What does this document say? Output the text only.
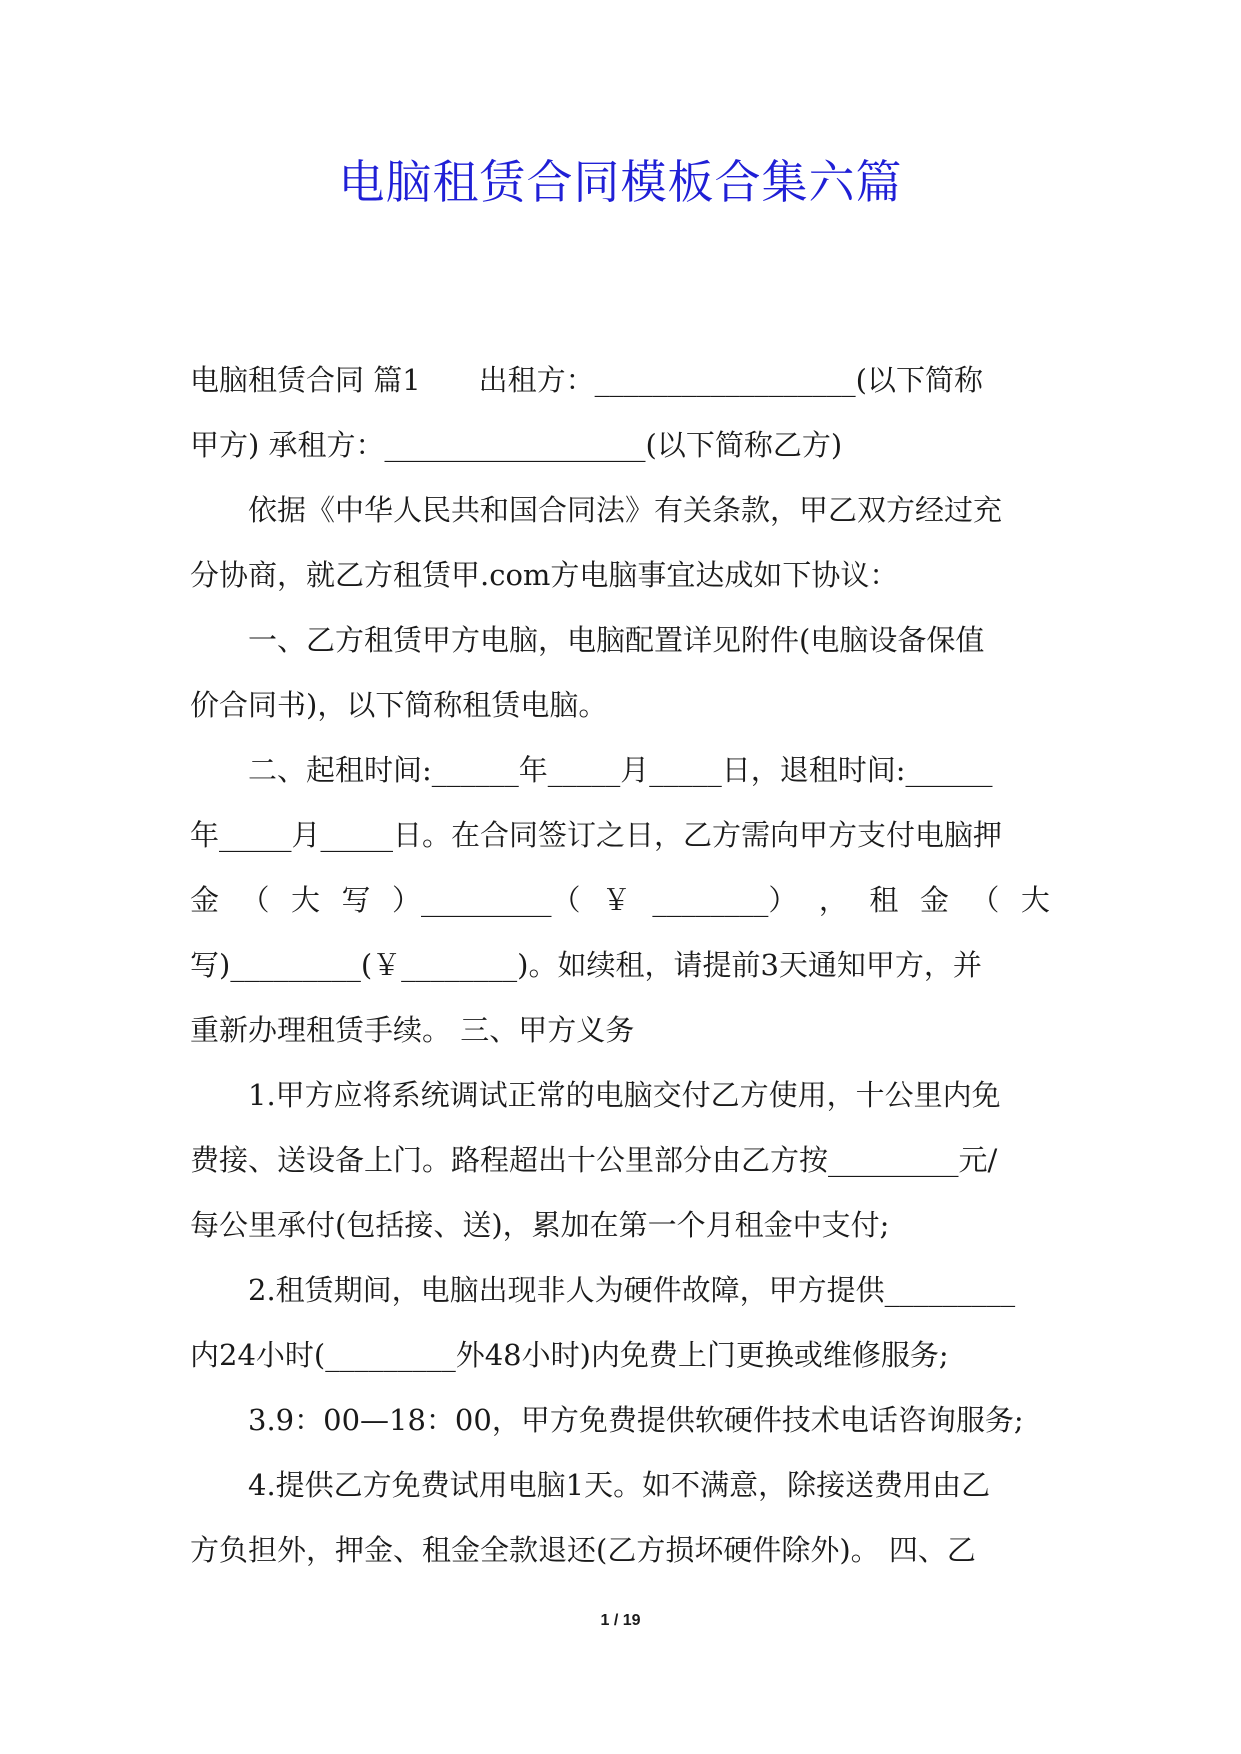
电脑租赁合同模板合集六篇
电脑租赁合同 篇1　　出租方：__________________(以下简称
甲方) 承租方：__________________(以下简称乙方)
依据《中华人民共和国合同法》有关条款，甲乙双方经过充
分协商，就乙方租赁甲.com方电脑事宜达成如下协议：
一、乙方租赁甲方电脑，电脑配置详见附件(电脑设备保值
价合同书)，以下简称租赁电脑。
二、起租时间:______年_____月_____日，退租时间:______
年_____月_____日。在合同签订之日，乙方需向甲方支付电脑押
金 （ 大 写 ）_________（ ￥ ________） ， 租 金 （ 大
写)_________(￥________)。如续租，请提前3天通知甲方，并
重新办理租赁手续。 三、甲方义务
1.甲方应将系统调试正常的电脑交付乙方使用，十公里内免
费接、送设备上门。路程超出十公里部分由乙方按_________元/
每公里承付(包括接、送)，累加在第一个月租金中支付;
2.租赁期间，电脑出现非人为硬件故障，甲方提供_________
内24小时(_________外48小时)内免费上门更换或维修服务;
3.9：00—18：00，甲方免费提供软硬件技术电话咨询服务;
4.提供乙方免费试用电脑1天。如不满意，除接送费用由乙
方负担外，押金、租金全款退还(乙方损坏硬件除外)。 四、乙
1 / 19
